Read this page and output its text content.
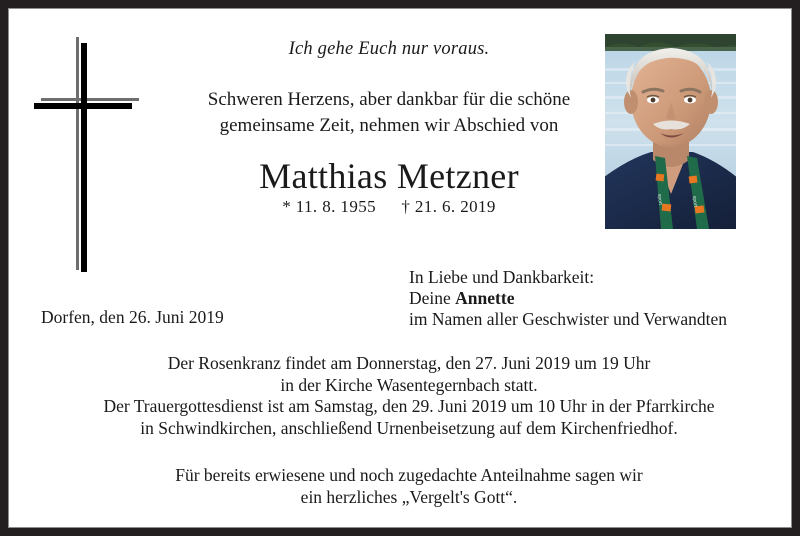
sport	sport
Ich gehe Euch nur voraus.
Schweren Herzens, aber dankbar für die schöne
gemeinsame Zeit, nehmen wir Abschied von
Matthias Metzner
* 11. 8. 1955 † 21. 6. 2019
Dorfen, den 26. Juni 2019
In Liebe und Dankbarkeit:
Deine Annette
im Namen aller Geschwister und Verwandten
Der Rosenkranz findet am Donnerstag, den 27. Juni 2019 um 19 Uhr
in der Kirche Wasentegernbach statt.
Der Trauergottesdienst ist am Samstag, den 29. Juni 2019 um 10 Uhr in der Pfarrkirche
in Schwindkirchen, anschließend Urnenbeisetzung auf dem Kirchenfriedhof.
Für bereits erwiesene und noch zugedachte Anteilnahme sagen wir
ein herzliches „Vergelt's Gott“.
